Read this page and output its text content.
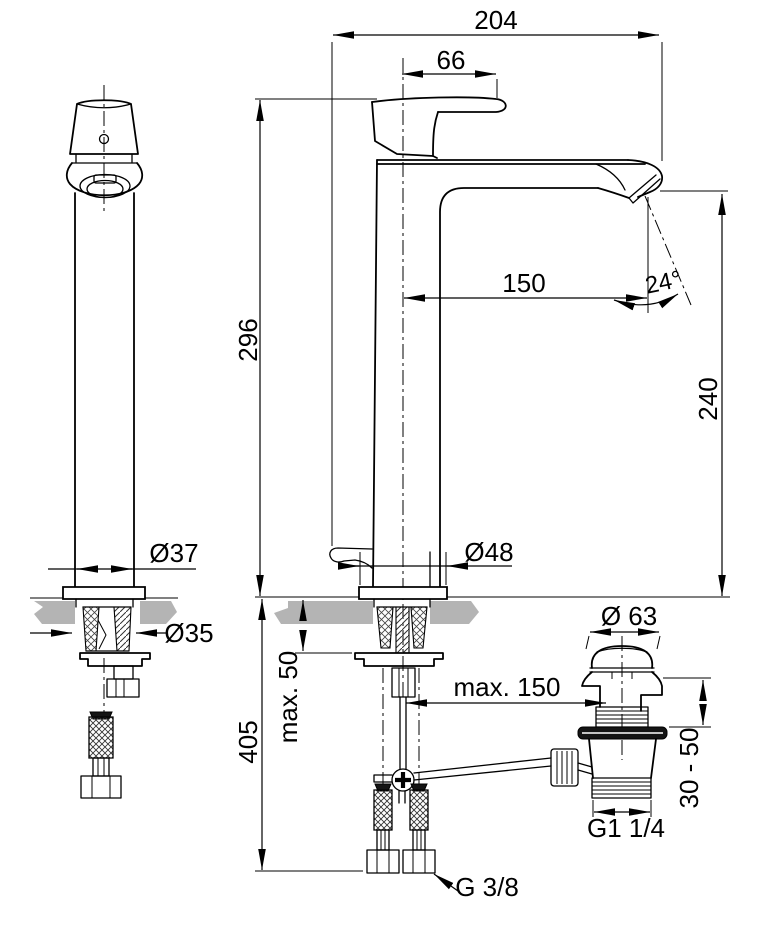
204
66
296
150	24°
240
Ø37
Ø35
Ø48
max. 50
405
max. 150
Ø 63
30 - 50
G1 1/4
G 3/8
